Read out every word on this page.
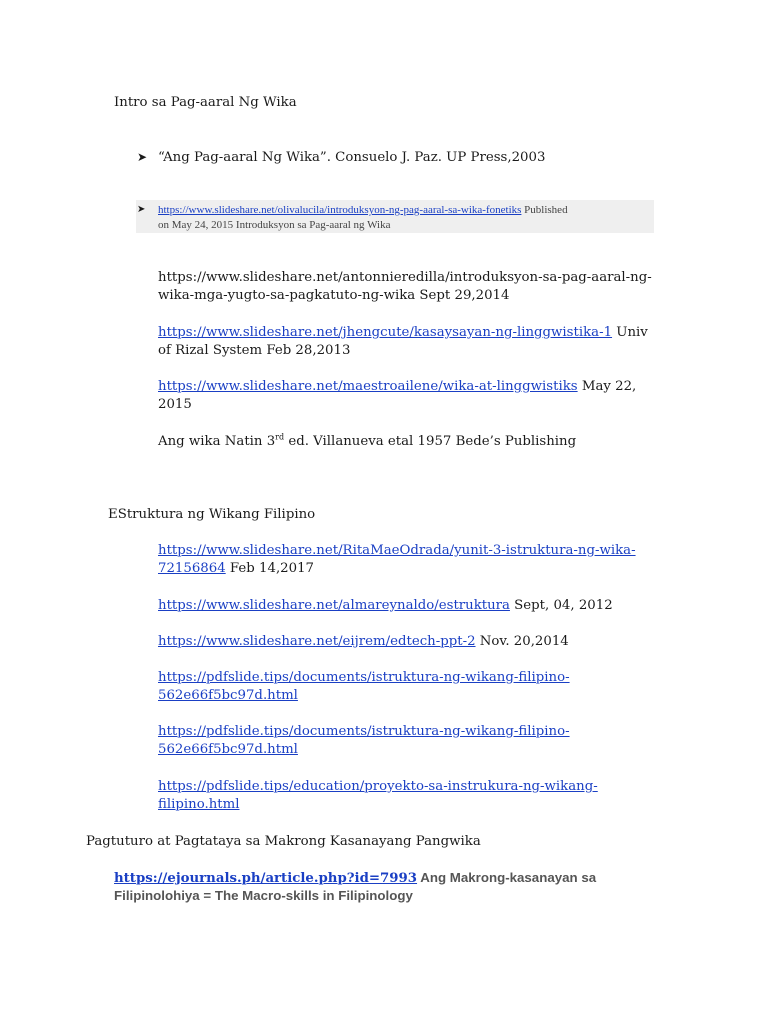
Intro sa Pag-aaral Ng Wika
➤ “Ang Pag-aaral Ng Wika”. Consuelo J. Paz. UP Press,2003
➤ https://www.slideshare.net/olivalucila/introduksyon-ng-pag-aaral-sa-wika-fonetiks Published
on May 24, 2015 Introduksyon sa Pag-aaral ng Wika
https://www.slideshare.net/antonnieredilla/introduksyon-sa-pag-aaral-ng-
wika-mga-yugto-sa-pagkatuto-ng-wika Sept 29,2014
https://www.slideshare.net/jhengcute/kasaysayan-ng-linggwistika-1 Univ
of Rizal System Feb 28,2013
https://www.slideshare.net/maestroailene/wika-at-linggwistiks May 22,
2015
Ang wika Natin 3rd ed. Villanueva etal 1957 Bede’s Publishing
EStruktura ng Wikang Filipino
https://www.slideshare.net/RitaMaeOdrada/yunit-3-istruktura-ng-wika-
72156864 Feb 14,2017
https://www.slideshare.net/almareynaldo/estruktura Sept, 04, 2012
https://www.slideshare.net/eijrem/edtech-ppt-2 Nov. 20,2014
https://pdfslide.tips/documents/istruktura-ng-wikang-filipino-
562e66f5bc97d.html
https://pdfslide.tips/documents/istruktura-ng-wikang-filipino-
562e66f5bc97d.html
https://pdfslide.tips/education/proyekto-sa-instrukura-ng-wikang-
filipino.html
Pagtuturo at Pagtataya sa Makrong Kasanayang Pangwika
https://ejournals.ph/article.php?id=7993 Ang Makrong-kasanayan sa
Filipinolohiya = The Macro-skills in Filipinology
